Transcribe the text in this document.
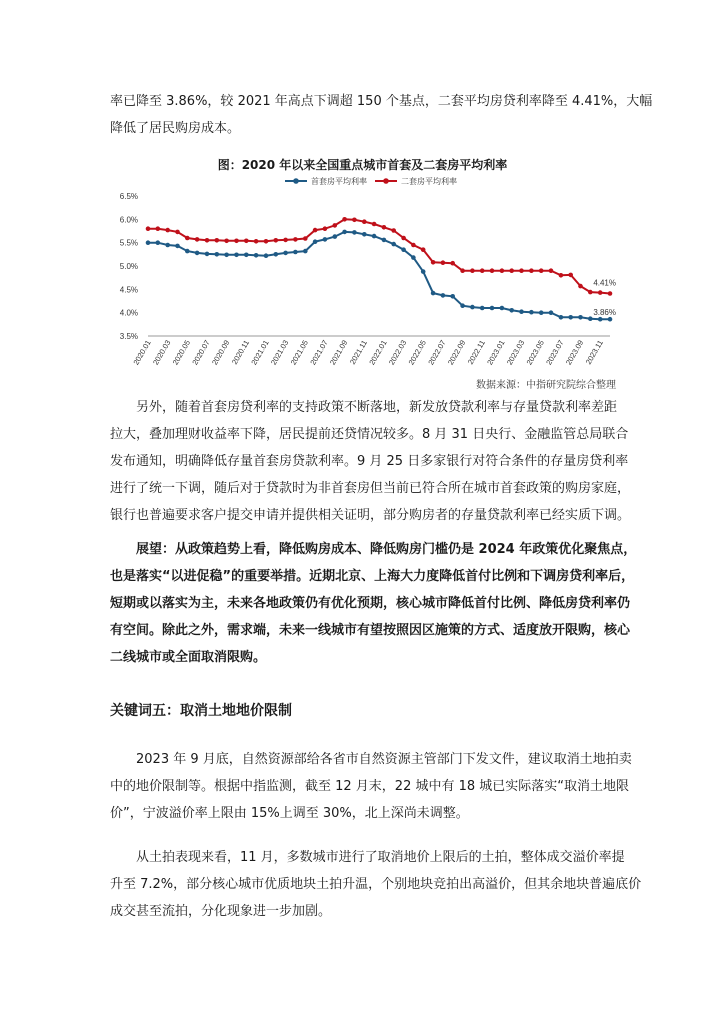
率已降至 3.86%，较 2021 年高点下调超 150 个基点，二套平均房贷利率降至 4.41%，大幅
降低了居民购房成本。
图：2020 年以来全国重点城市首套及二套房平均利率
首套房平均利率	二套房平均利率
3.5%
4.0%
4.5%
5.0%
5.5%
6.0%
6.5%
2020.01
2020.03
2020.05
2020.07
2020.09
2020.11
2021.01
2021.03
2021.05
2021.07
2021.09
2021.11
2022.01
2022.03
2022.05
2022.07
2022.09
2022.11
2023.01
2023.03
2023.05
2023.07
2023.09
2023.11
4.41%
3.86%
数据来源：中指研究院综合整理
另外，随着首套房贷利率的支持政策不断落地，新发放贷款利率与存量贷款利率差距
拉大，叠加理财收益率下降，居民提前还贷情况较多。8 月 31 日央行、金融监管总局联合
发布通知，明确降低存量首套房贷款利率。9 月 25 日多家银行对符合条件的存量房贷利率
进行了统一下调，随后对于贷款时为非首套房但当前已符合所在城市首套政策的购房家庭，
银行也普遍要求客户提交申请并提供相关证明，部分购房者的存量贷款利率已经实质下调。
展望：从政策趋势上看，降低购房成本、降低购房门槛仍是 2024 年政策优化聚焦点，
也是落实“以进促稳”的重要举措。近期北京、上海大力度降低首付比例和下调房贷利率后，
短期或以落实为主，未来各地政策仍有优化预期，核心城市降低首付比例、降低房贷利率仍
有空间。除此之外，需求端，未来一线城市有望按照因区施策的方式、适度放开限购，核心
二线城市或全面取消限购。
关键词五：取消土地地价限制
2023 年 9 月底，自然资源部给各省市自然资源主管部门下发文件，建议取消土地拍卖
中的地价限制等。根据中指监测，截至 12 月末，22 城中有 18 城已实际落实“取消土地限
价”，宁波溢价率上限由 15%上调至 30%，北上深尚未调整。
从土拍表现来看，11 月，多数城市进行了取消地价上限后的土拍，整体成交溢价率提
升至 7.2%，部分核心城市优质地块土拍升温，个别地块竞拍出高溢价，但其余地块普遍底价
成交甚至流拍，分化现象进一步加剧。
